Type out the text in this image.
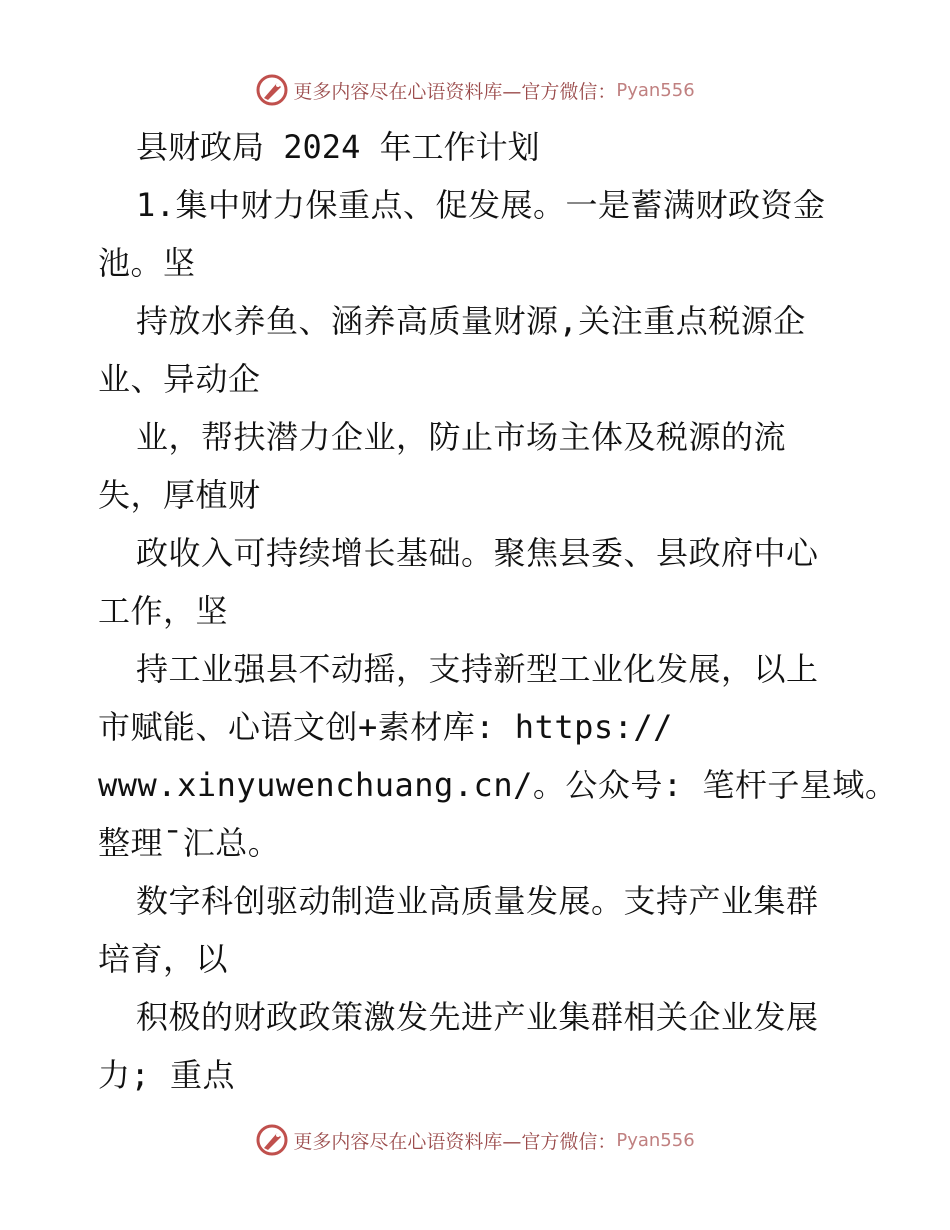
更多内容尽在心语资料库 —官方微信： Pyan556
县财政局 2024 年工作计划
1.集中财力保重点、促发展。一是蓄满财政资金
池。坚
持放水养鱼、涵养高质量财源,关注重点税源企
业、异动企
业，帮扶潜力企业，防止市场主体及税源的流
失，厚植财
政收入可持续增长基础。聚焦县委、县政府中心
工作，坚
持工业强县不动摇，支持新型工业化发展，以上
市赋能、心语文创+素材库: https://
www.xinyuwenchuang.cn/。公众号: 笔杆子星域。
整理¯汇总。
数字科创驱动制造业高质量发展。支持产业集群
培育，以
积极的财政政策激发先进产业集群相关企业发展
力; 重点
更多内容尽在心语资料库 —官方微信： Pyan556
